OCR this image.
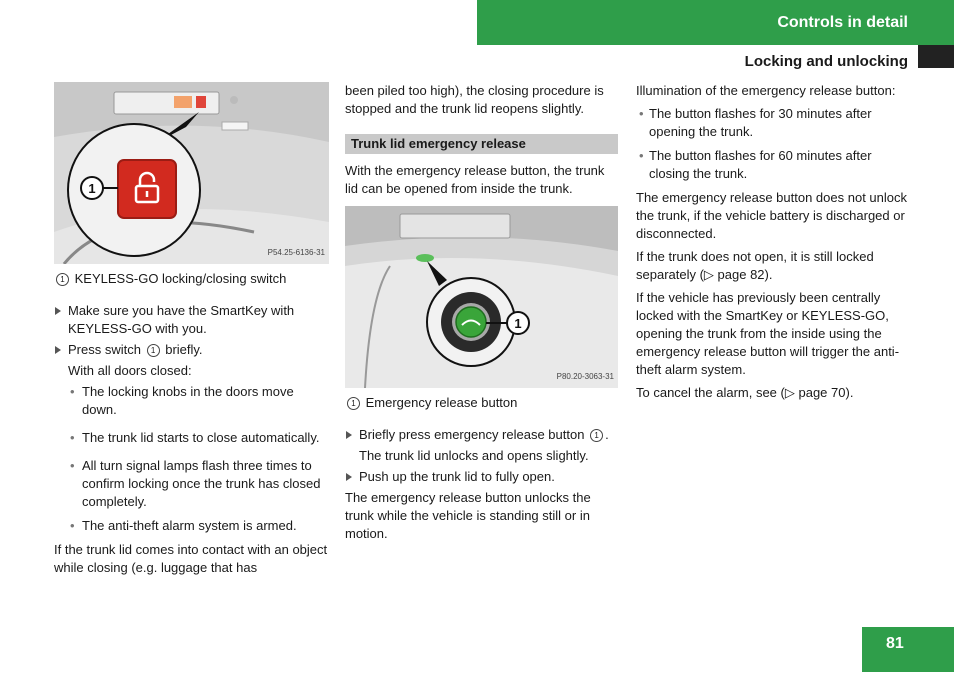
Controls in detail
Locking and unlocking
1
P54.25-6136-31

1 KEYLESS-GO locking/closing switch

Make sure you have the SmartKey with KEYLESS-GO with you.

Press switch 1 briefly.

With all doors closed:

• The locking knobs in the doors move down.

• The trunk lid starts to close automatically.

• All turn signal lamps flash three times to confirm locking once the trunk has closed completely.

• The anti-theft alarm system is armed.

If the trunk lid comes into contact with an object while closing (e.g. luggage that has

been piled too high), the closing procedure is stopped and the trunk lid reopens slightly.

Trunk lid emergency release

With the emergency release button, the trunk lid can be opened from inside the trunk.

1
P80.20-3063-31

1 Emergency release button

Briefly press emergency release button 1 .

The trunk lid unlocks and opens slightly.

Push up the trunk lid to fully open.

The emergency release button unlocks the trunk while the vehicle is standing still or in motion.

Illumination of the emergency release button:

• The button flashes for 30 minutes after opening the trunk.

• The button flashes for 60 minutes after closing the trunk.

The emergency release button does not unlock the trunk, if the vehicle battery is discharged or disconnected.

If the trunk does not open, it is still locked separately (▷ page 82).

If the vehicle has previously been centrally locked with the SmartKey or KEYLESS-GO, opening the trunk from the inside using the emergency release button will trigger the anti-theft alarm system.

To cancel the alarm, see (▷ page 70).

81
